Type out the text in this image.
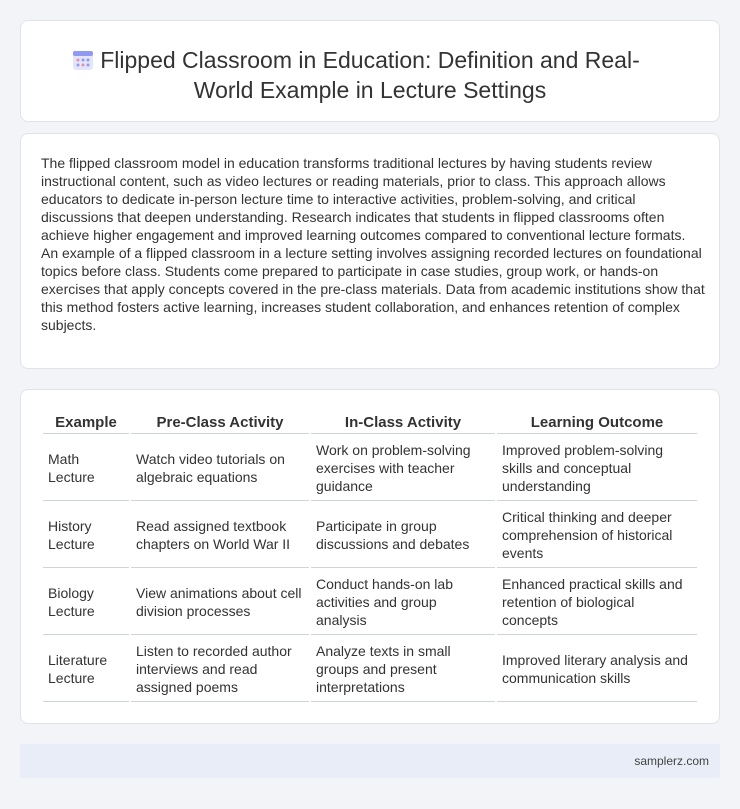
Flipped Classroom in Education: Definition and Real-World Example in Lecture Settings

The flipped classroom model in education transforms traditional lectures by having students review instructional content, such as video lectures or reading materials, prior to class. This approach allows educators to dedicate in-person lecture time to interactive activities, problem-solving, and critical discussions that deepen understanding. Research indicates that students in flipped classrooms often achieve higher engagement and improved learning outcomes compared to conventional lecture formats. An example of a flipped classroom in a lecture setting involves assigning recorded lectures on foundational topics before class. Students come prepared to participate in case studies, group work, or hands-on exercises that apply concepts covered in the pre-class materials. Data from academic institutions show that this method fosters active learning, increases student collaboration, and enhances retention of complex subjects.

Example	Pre-Class Activity	In-Class Activity	Learning Outcome
Math Lecture	Watch video tutorials on algebraic equations	Work on problem-solving exercises with teacher guidance	Improved problem-solving skills and conceptual understanding
History Lecture	Read assigned textbook chapters on World War II	Participate in group discussions and debates	Critical thinking and deeper comprehension of historical events
Biology Lecture	View animations about cell division processes	Conduct hands-on lab activities and group analysis	Enhanced practical skills and retention of biological concepts
Literature Lecture	Listen to recorded author interviews and read assigned poems	Analyze texts in small groups and present interpretations	Improved literary analysis and communication skills
samplerz.com
